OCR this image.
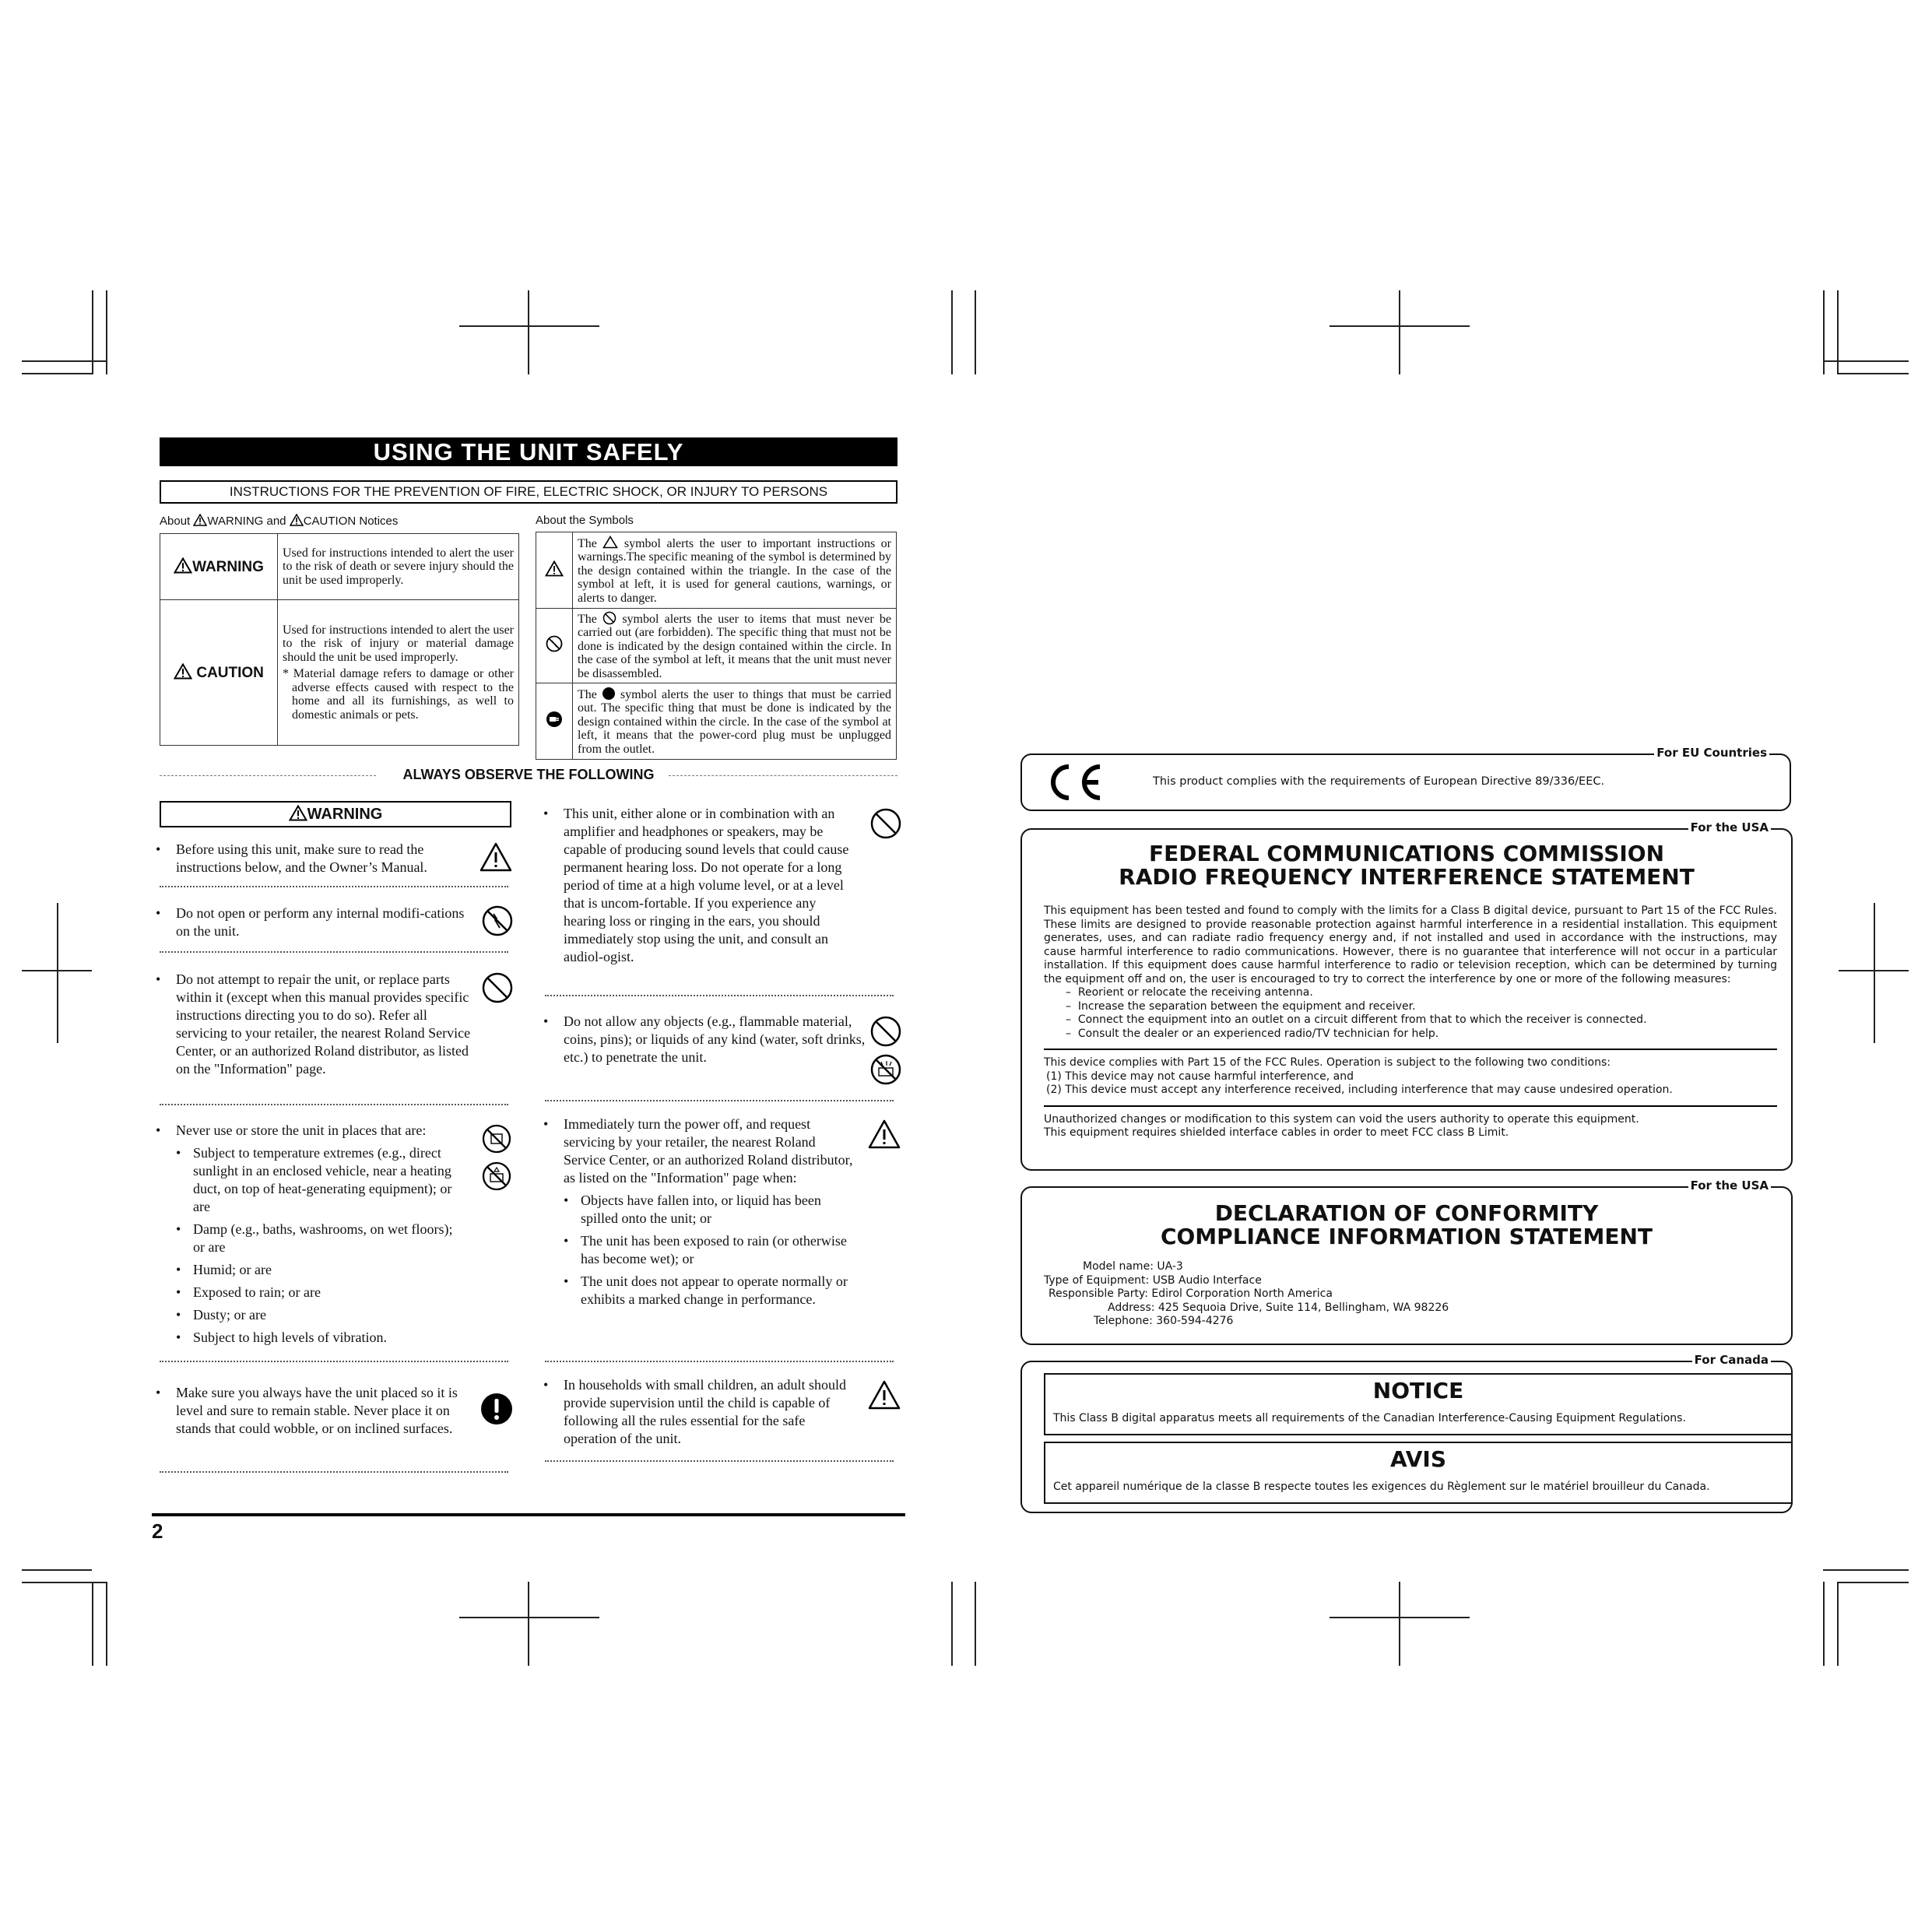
USING THE UNIT SAFELY
INSTRUCTIONS FOR THE PREVENTION OF FIRE, ELECTRIC SHOCK, OR INJURY TO PERSONS
About WARNING and CAUTION Notices	About the Symbols
WARNING	Used for instructions intended to alert the user to the risk of death or severe injury should the unit be used improperly.
CAUTION	Used for instructions intended to alert the user to the risk of injury or material damage should the unit be used improperly.
* Material damage refers to damage or other adverse effects caused with respect to the home and all its furnishings, as well to domestic animals or pets.
	The symbol alerts the user to important instructions or warnings.The specific meaning of the symbol is determined by the design contained within the triangle. In the case of the symbol at left, it is used for general cautions, warnings, or alerts to danger.
	The symbol alerts the user to items that must never be carried out (are forbidden). The specific thing that must not be done is indicated by the design contained within the circle. In the case of the symbol at left, it means that the unit must never be disassembled.
	The symbol alerts the user to things that must be carried out. The specific thing that must be done is indicated by the design contained within the circle. In the case of the symbol at left, it means that the power-cord plug must be unplugged from the outlet.
ALWAYS OBSERVE THE FOLLOWING
WARNING
• Before using this unit, make sure to read the instructions below, and the Owner’s Manual.
• Do not open or perform any internal modifi-cations on the unit.
• Do not attempt to repair the unit, or replace parts within it (except when this manual provides specific instructions directing you to do so). Refer all servicing to your retailer, the nearest Roland Service Center, or an authorized Roland distributor, as listed on the "Information" page.
• Never use or store the unit in places that are:
• Subject to temperature extremes (e.g., direct sunlight in an enclosed vehicle, near a heating duct, on top of heat-generating equipment); or are
• Damp (e.g., baths, washrooms, on wet floors); or are
• Humid; or are
• Exposed to rain; or are
• Dusty; or are
• Subject to high levels of vibration.
• Make sure you always have the unit placed so it is level and sure to remain stable. Never place it on stands that could wobble, or on inclined surfaces.
• This unit, either alone or in combination with an amplifier and headphones or speakers, may be capable of producing sound levels that could cause permanent hearing loss. Do not operate for a long period of time at a high volume level, or at a level that is uncom-fortable. If you experience any hearing loss or ringing in the ears, you should immediately stop using the unit, and consult an audiol-ogist.
• Do not allow any objects (e.g., flammable material, coins, pins); or liquids of any kind (water, soft drinks, etc.) to penetrate the unit.
• Immediately turn the power off, and request servicing by your retailer, the nearest Roland Service Center, or an authorized Roland distributor, as listed on the "Information" page when:
• Objects have fallen into, or liquid has been spilled onto the unit; or
• The unit has been exposed to rain (or otherwise has become wet); or
• The unit does not appear to operate normally or exhibits a marked change in performance.
• In households with small children, an adult should provide supervision until the child is capable of following all the rules essential for the safe operation of the unit.
2
For EU Countries
This product complies with the requirements of European Directive 89/336/EEC.
For the USA
FEDERAL COMMUNICATIONS COMMISSION
RADIO FREQUENCY INTERFERENCE STATEMENT
This equipment has been tested and found to comply with the limits for a Class B digital device, pursuant to Part 15 of the FCC Rules. These limits are designed to provide reasonable protection against harmful interference in a residential installation. This equipment generates, uses, and can radiate radio frequency energy and, if not installed and used in accordance with the instructions, may cause harmful interference to radio communications. However, there is no guarantee that interference will not occur in a particular installation. If this equipment does cause harmful interference to radio or television reception, which can be determined by turning the equipment off and on, the user is encouraged to try to correct the interference by one or more of the following measures:
–  Reorient or relocate the receiving antenna.
–  Increase the separation between the equipment and receiver.
–  Connect the equipment into an outlet on a circuit different from that to which the receiver is connected.
–  Consult the dealer or an experienced radio/TV technician for help.
This device complies with Part 15 of the FCC Rules. Operation is subject to the following two conditions:
(1) This device may not cause harmful interference, and
(2) This device must accept any interference received, including interference that may cause undesired operation.
Unauthorized changes or modification to this system can void the users authority to operate this equipment.
This equipment requires shielded interface cables in order to meet FCC class B Limit.
For the USA
DECLARATION OF CONFORMITY
COMPLIANCE INFORMATION STATEMENT
Model name: UA-3
Type of Equipment: USB Audio Interface
Responsible Party: Edirol Corporation North America
Address: 425 Sequoia Drive, Suite 114, Bellingham, WA 98226
Telephone: 360-594-4276
For Canada
NOTICE
This Class B digital apparatus meets all requirements of the Canadian Interference-Causing Equipment Regulations.
AVIS
Cet appareil numérique de la classe B respecte toutes les exigences du Règlement sur le matériel brouilleur du Canada.
